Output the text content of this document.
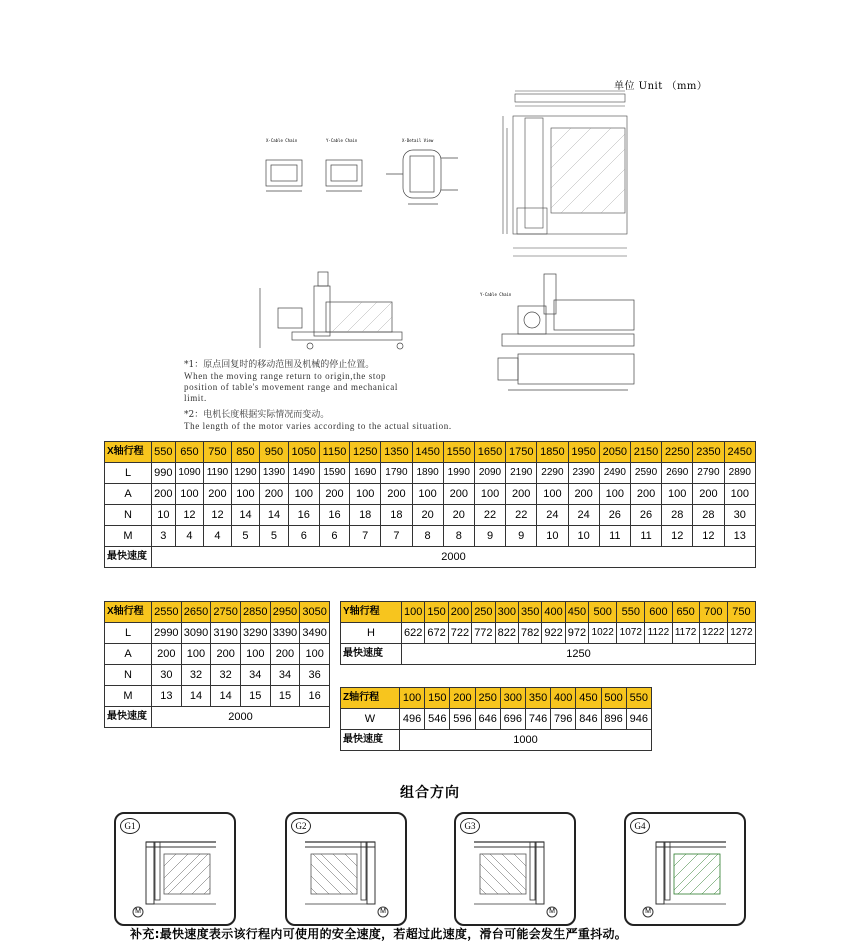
单位 Unit （mm）
X-Cable Chain	Y-Cable Chain	X-Detail View
Y-Cable Chain
*1：原点回复时的移动范围及机械的停止位置。
When the moving range return to origin,the stop
position of table's movement range and mechanical
limit.
*2：电机长度根据实际情况而变动。
The length of the motor varies according to the actual situation.
X轴行程	550	650	750	850	950	1050	1150	1250	1350	1450	1550	1650	1750	1850	1950	2050	2150	2250	2350	2450
L	990	1090	1190	1290	1390	1490	1590	1690	1790	1890	1990	2090	2190	2290	2390	2490	2590	2690	2790	2890
A	200	100	200	100	200	100	200	100	200	100	200	100	200	100	200	100	200	100	200	100
N	10	12	12	14	14	16	16	18	18	20	20	22	22	24	24	26	26	28	28	30
M	3	4	4	5	5	6	6	7	7	8	8	9	9	10	10	11	11	12	12	13
最快速度	2000																			
X轴行程	2550	2650	2750	2850	2950	3050
L	2990	3090	3190	3290	3390	3490
A	200	100	200	100	200	100
N	30	32	32	34	34	36
M	13	14	14	15	15	16
最快速度	2000					
Y轴行程	100	150	200	250	300	350	400	450	500	550	600	650	700	750
H	622	672	722	772	822	782	922	972	1022	1072	1122	1172	1222	1272
最快速度	1250													
Z轴行程	100	150	200	250	300	350	400	450	500	550
W	496	546	596	646	696	746	796	846	896	946
最快速度	1000									
组合方向
G1
M
G2
M
G3
M
G4
M
补充:最快速度表示该行程内可使用的安全速度，若超过此速度，滑台可能会发生严重抖动。
